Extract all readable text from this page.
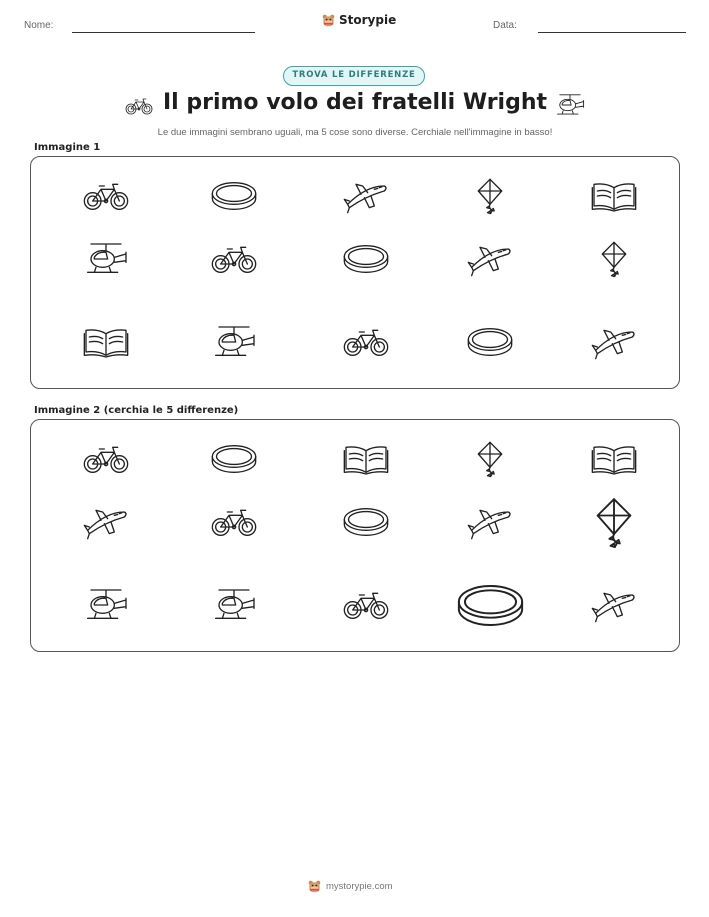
Nome:	Storypie	Data:
TROVA LE DIFFERENZE
Il primo volo dei fratelli Wright
Le due immagini sembrano uguali, ma 5 cose sono diverse. Cerchiale nell'immagine in basso!
Immagine 1
Immagine 2 (cerchia le 5 differenze)
mystorypie.com
